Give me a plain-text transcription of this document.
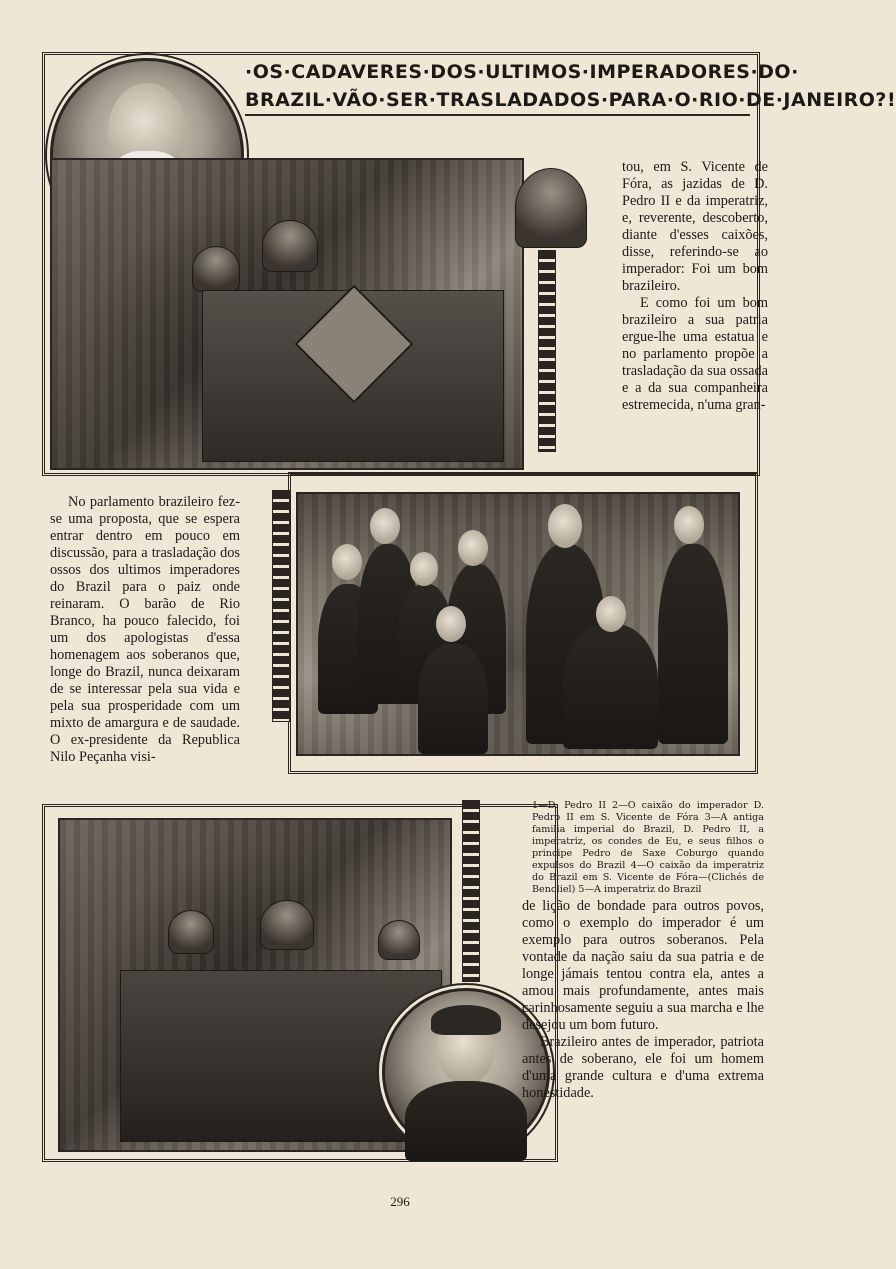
·OS·CADAVERES·DOS·ULTIMOS·IMPERADORES·DO·
BRAZIL·VÃO·SER·TRASLADADOS·PARA·O·RIO·DE·JANEIRO?!

tou, em S. Vicente de Fóra, as jazidas de D. Pedro II e da imperatriz, e, reverente, descoberto, diante d'esses caixões, disse, referindo-se ao imperador: Foi um bom brazileiro.

E como foi um bom brazileiro a sua patria ergue-lhe uma estatua e no parlamento propõe a trasladação da sua ossada e a da sua companheira estremecida, n'uma gran-

No parlamento brazileiro fez-se uma proposta, que se espera entrar dentro em pouco em discussão, para a trasladação dos ossos dos ultimos imperadores do Brazil para o paiz onde reinaram. O barão de Rio Branco, ha pouco falecido, foi um dos apologistas d'essa homenagem aos soberanos que, longe do Brazil, nunca deixaram de se interessar pela sua vida e pela sua prosperidade com um mixto de amargura e de saudade. O ex-presidente da Republica Nilo Peçanha visi-

1—D. Pedro II 2—O caixão do imperador D. Pedro II em S. Vicente de Fóra 3—A antiga familia imperial do Brazil, D. Pedro II, a imperatriz, os condes de Eu, e seus filhos o principe Pedro de Saxe Coburgo quando expulsos do Brazil 4—O caixão da imperatriz do Brazil em S. Vicente de Fóra—(Clichés de Benoliel) 5—A imperatriz do Brazil

de lição de bondade para outros povos, como o exemplo do imperador é um exemplo para outros soberanos. Pela vontade da nação saiu da sua patria e de longe jámais tentou contra ela, antes a amou mais profundamente, antes mais carinhosamente seguiu a sua marcha e lhe desejou um bom futuro.

Brazileiro antes de imperador, patriota antes de soberano, ele foi um homem d'uma grande cultura e d'uma extrema honestidade.

296
